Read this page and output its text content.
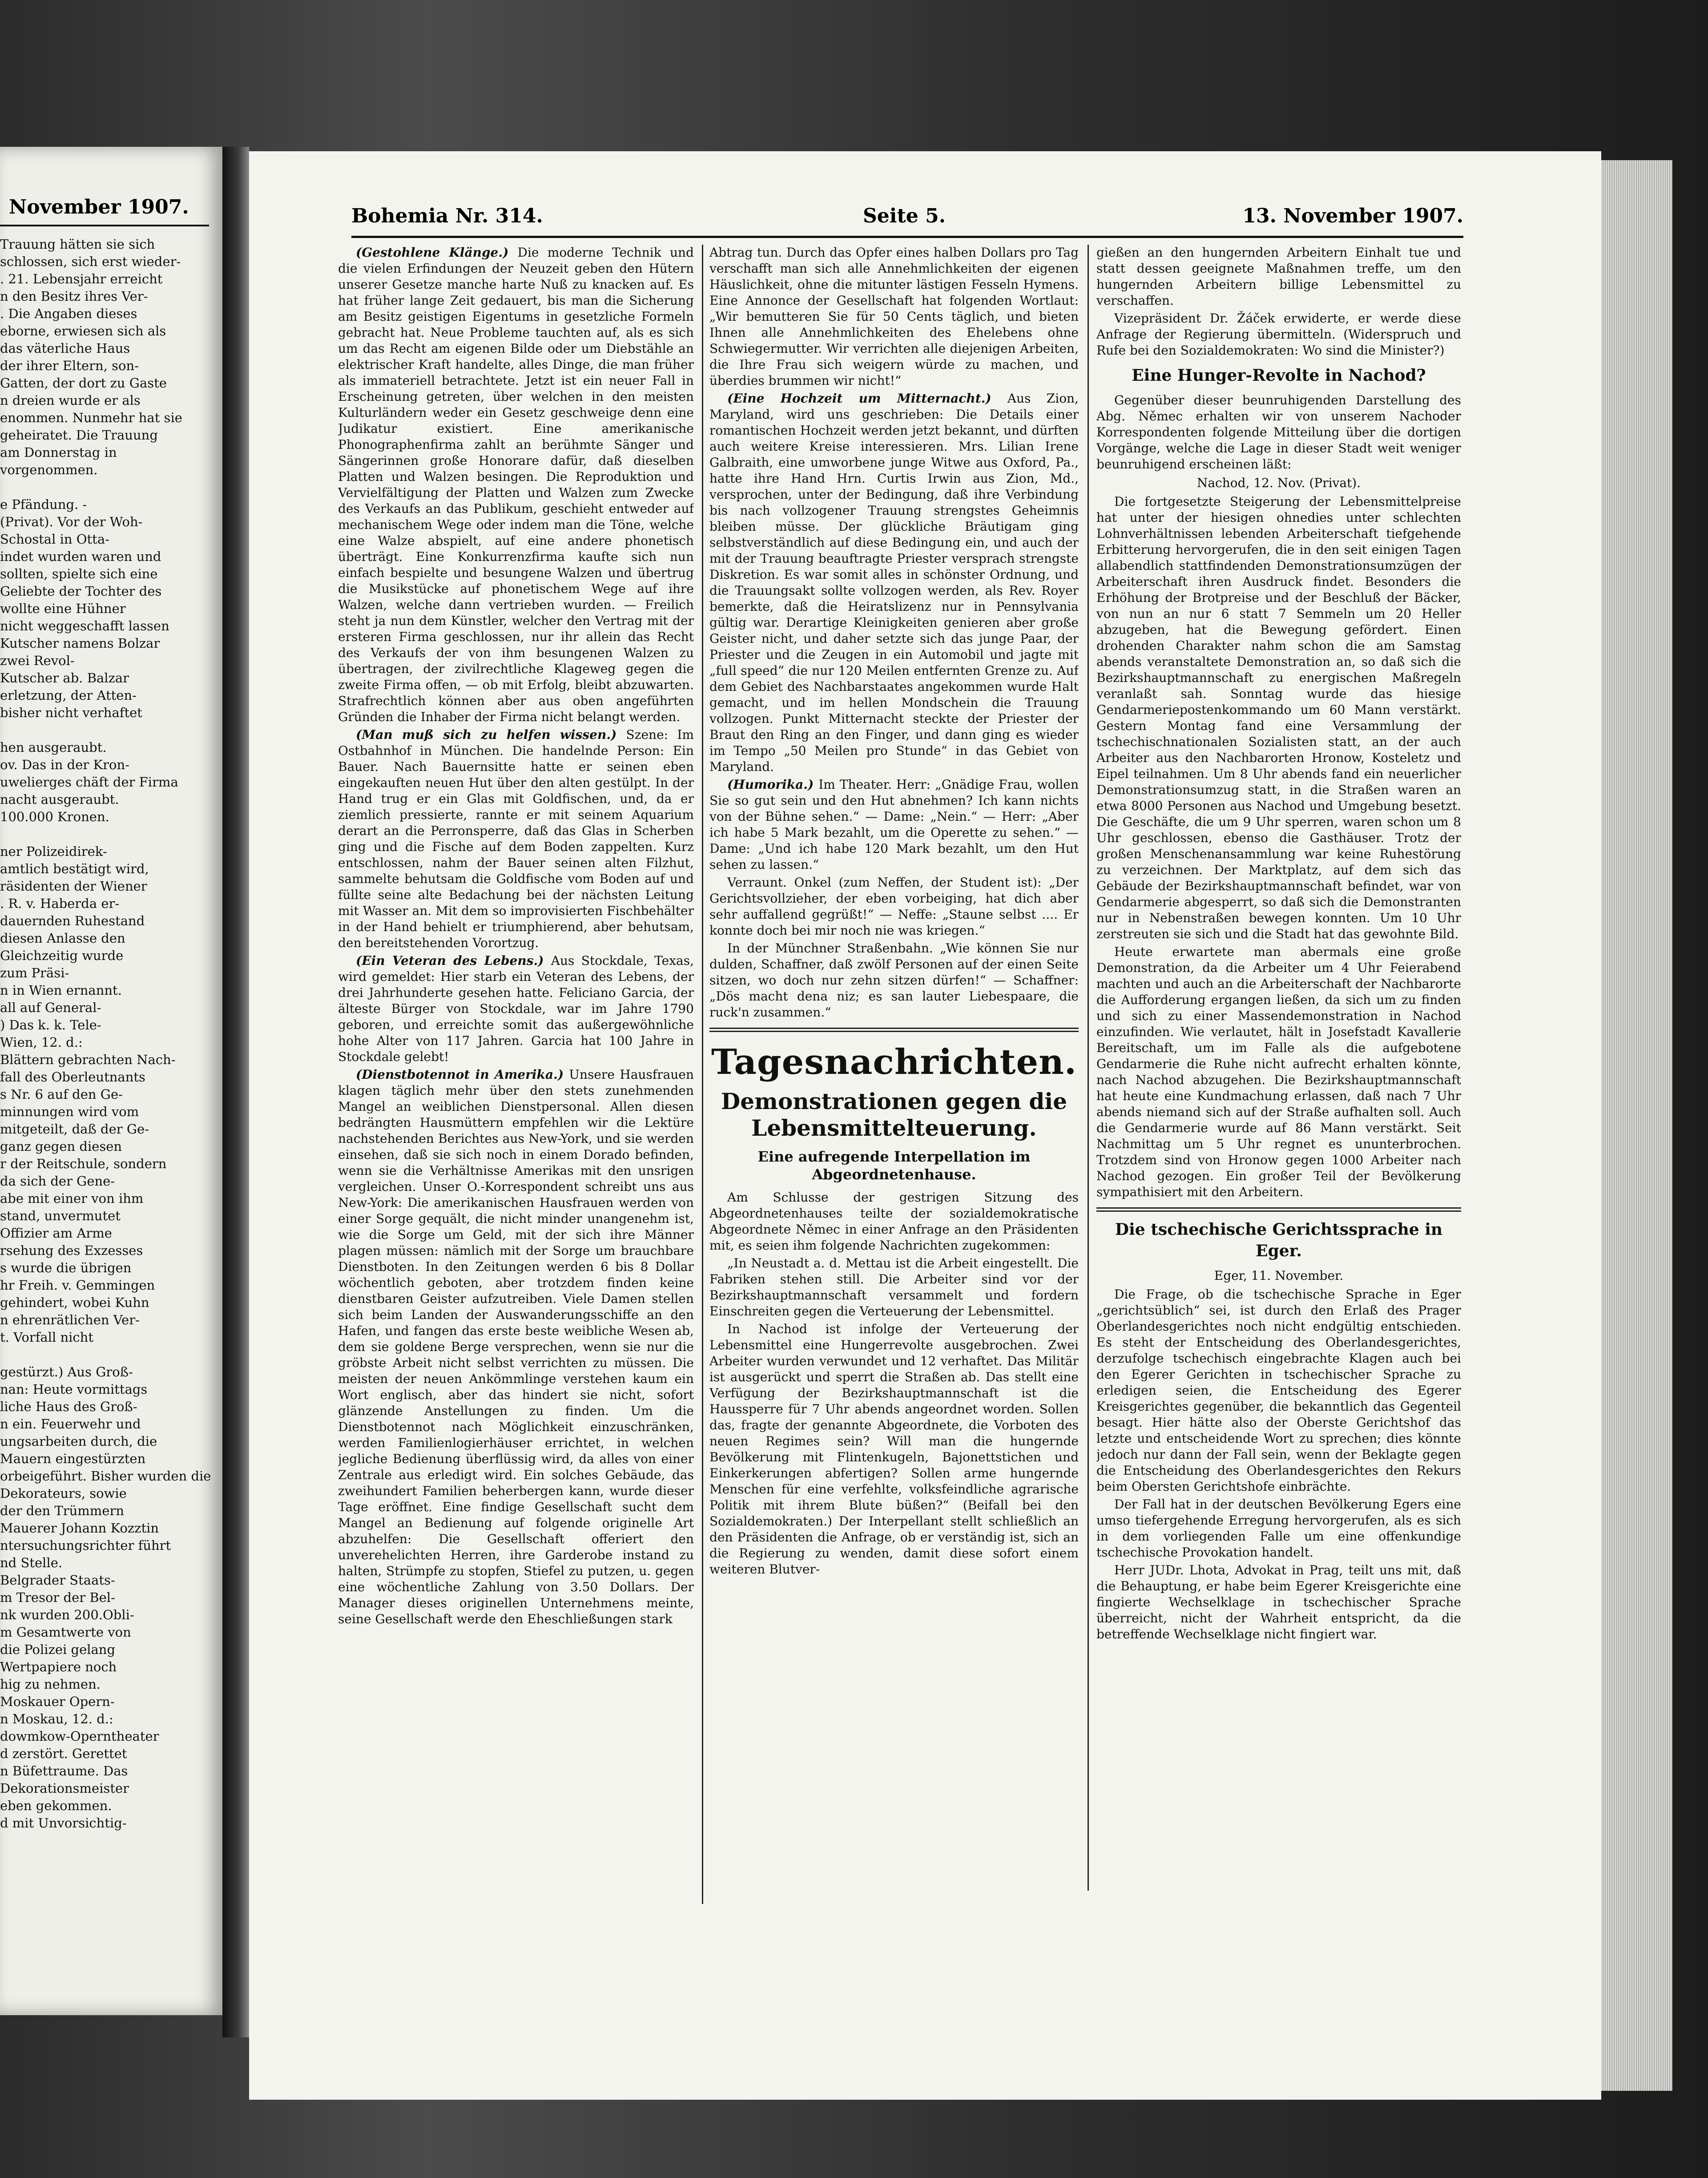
November 1907.
Trauung hätten sie sich
schlossen, sich erst wieder-
. 21. Lebensjahr erreicht
n den Besitz ihres Ver-
. Die Angaben dieses
eborne, erwiesen sich als
das väterliche Haus
der ihrer Eltern, son-
Gatten, der dort zu Gaste
n dreien wurde er als
enommen. Nunmehr hat sie
geheiratet. Die Trauung
am Donnerstag in
vorgenommen.

e Pfändung. -
(Privat). Vor der Woh-
Schostal in Otta-
indet wurden waren und
sollten, spielte sich eine
Geliebte der Tochter des
wollte eine Hühner
nicht weggeschafft lassen
Kutscher namens Bolzar
zwei Revol-
Kutscher ab. Balzar
erletzung, der Atten-
bisher nicht verhaftet

hen ausgeraubt.
ov. Das in der Kron-
uwelierges chäft der Firma
nacht ausgeraubt.
100.000 Kronen.

ner Polizeidirek-
amtlich bestätigt wird,
räsidenten der Wiener
. R. v. Haberda er-
dauernden Ruhestand
diesen Anlasse den
Gleichzeitig wurde
zum Präsi-
n in Wien ernannt.
all auf General-
) Das k. k. Tele-
Wien, 12. d.:
Blättern gebrachten Nach-
fall des Oberleutnants
s Nr. 6 auf den Ge-
minnungen wird vom
mitgeteilt, daß der Ge-
ganz gegen diesen
r der Reitschule, sondern
da sich der Gene-
abe mit einer von ihm
stand, unvermutet
Offizier am Arme
rsehung des Exzesses
s wurde die übrigen
hr Freih. v. Gemmingen
gehindert, wobei Kuhn
n ehrenrätlichen Ver-
t. Vorfall nicht

gestürzt.) Aus Groß-
nan: Heute vormittags
liche Haus des Groß-
n ein. Feuerwehr und
ungsarbeiten durch, die
Mauern eingestürzten
orbeigeführt. Bisher wurden die
Dekorateurs, sowie
der den Trümmern
Mauerer Johann Kozztin
ntersuchungsrichter führt
nd Stelle.
Belgrader Staats-
m Tresor der Bel-
nk wurden 200.Obli-
m Gesamtwerte von
die Polizei gelang
Wertpapiere noch
hig zu nehmen.
Moskauer Opern-
n Moskau, 12. d.:
dowmkow-Operntheater
d zerstört. Gerettet
n Büfettraume. Das
Dekorationsmeister
eben gekommen.
d mit Unvorsichtig-
Bohemia Nr. 314.	Seite 5.	13. November 1907.

(Gestohlene Klänge.) Die moderne Technik und die vielen Erfindungen der Neuzeit geben den Hütern unserer Gesetze manche harte Nuß zu knacken auf. Es hat früher lange Zeit gedauert, bis man die Sicherung am Besitz geistigen Eigentums in gesetzliche Formeln gebracht hat. Neue Probleme tauchten auf, als es sich um das Recht am eigenen Bilde oder um Diebstähle an elektrischer Kraft handelte, alles Dinge, die man früher als immateriell betrachtete. Jetzt ist ein neuer Fall in Erscheinung getreten, über welchen in den meisten Kulturländern weder ein Gesetz geschweige denn eine Judikatur existiert. Eine amerikanische Phonographenfirma zahlt an berühmte Sänger und Sängerinnen große Honorare dafür, daß dieselben Platten und Walzen besingen. Die Reproduktion und Vervielfältigung der Platten und Walzen zum Zwecke des Verkaufs an das Publikum, geschieht entweder auf mechanischem Wege oder indem man die Töne, welche eine Walze abspielt, auf eine andere phonetisch überträgt. Eine Konkurrenzfirma kaufte sich nun einfach bespielte und besungene Walzen und übertrug die Musikstücke auf phonetischem Wege auf ihre Walzen, welche dann vertrieben wurden. — Freilich steht ja nun dem Künstler, welcher den Vertrag mit der ersteren Firma geschlossen, nur ihr allein das Recht des Verkaufs der von ihm besungenen Walzen zu übertragen, der zivilrechtliche Klageweg gegen die zweite Firma offen, — ob mit Erfolg, bleibt abzuwarten. Strafrechtlich können aber aus oben angeführten Gründen die Inhaber der Firma nicht belangt werden.

(Man muß sich zu helfen wissen.) Szene: Im Ostbahnhof in München. Die handelnde Person: Ein Bauer. Nach Bauernsitte hatte er seinen eben eingekauften neuen Hut über den alten gestülpt. In der Hand trug er ein Glas mit Goldfischen, und, da er ziemlich pressierte, rannte er mit seinem Aquarium derart an die Perronsperre, daß das Glas in Scherben ging und die Fische auf dem Boden zappelten. Kurz entschlossen, nahm der Bauer seinen alten Filzhut, sammelte behutsam die Goldfische vom Boden auf und füllte seine alte Bedachung bei der nächsten Leitung mit Wasser an. Mit dem so improvisierten Fischbehälter in der Hand behielt er triumphierend, aber behutsam, den bereitstehenden Vorortzug.

(Ein Veteran des Lebens.) Aus Stockdale, Texas, wird gemeldet: Hier starb ein Veteran des Lebens, der drei Jahrhunderte gesehen hatte. Feliciano Garcia, der älteste Bürger von Stockdale, war im Jahre 1790 geboren, und erreichte somit das außergewöhnliche hohe Alter von 117 Jahren. Garcia hat 100 Jahre in Stockdale gelebt!

(Dienstbotennot in Amerika.) Unsere Hausfrauen klagen täglich mehr über den stets zunehmenden Mangel an weiblichen Dienstpersonal. Allen diesen bedrängten Hausmüttern empfehlen wir die Lektüre nachstehenden Berichtes aus New-York, und sie werden einsehen, daß sie sich noch in einem Dorado befinden, wenn sie die Verhältnisse Amerikas mit den unsrigen vergleichen. Unser O.-Korrespondent schreibt uns aus New-York: Die amerikanischen Hausfrauen werden von einer Sorge gequält, die nicht minder unangenehm ist, wie die Sorge um Geld, mit der sich ihre Männer plagen müssen: nämlich mit der Sorge um brauchbare Dienstboten. In den Zeitungen werden 6 bis 8 Dollar wöchentlich geboten, aber trotzdem finden keine dienstbaren Geister aufzutreiben. Viele Damen stellen sich beim Landen der Auswanderungsschiffe an den Hafen, und fangen das erste beste weibliche Wesen ab, dem sie goldene Berge versprechen, wenn sie nur die gröbste Arbeit nicht selbst verrichten zu müssen. Die meisten der neuen Ankömmlinge verstehen kaum ein Wort englisch, aber das hindert sie nicht, sofort glänzende Anstellungen zu finden. Um die Dienstbotennot nach Möglichkeit einzuschränken, werden Familienlogierhäuser errichtet, in welchen jegliche Bedienung überflüssig wird, da alles von einer Zentrale aus erledigt wird. Ein solches Gebäude, das zweihundert Familien beherbergen kann, wurde dieser Tage eröffnet. Eine findige Gesellschaft sucht dem Mangel an Bedienung auf folgende originelle Art abzuhelfen: Die Gesellschaft offeriert den unverehelichten Herren, ihre Garderobe instand zu halten, Strümpfe zu stopfen, Stiefel zu putzen, u. gegen eine wöchentliche Zahlung von 3.50 Dollars. Der Manager dieses originellen Unternehmens meinte, seine Gesellschaft werde den Eheschließungen stark

Abtrag tun. Durch das Opfer eines halben Dollars pro Tag verschafft man sich alle Annehmlichkeiten der eigenen Häuslichkeit, ohne die mitunter lästigen Fesseln Hymens. Eine Annonce der Gesellschaft hat folgenden Wortlaut: „Wir bemutteren Sie für 50 Cents täglich, und bieten Ihnen alle Annehmlichkeiten des Ehelebens ohne Schwiegermutter. Wir verrichten alle diejenigen Arbeiten, die Ihre Frau sich weigern würde zu machen, und überdies brummen wir nicht!“

(Eine Hochzeit um Mitternacht.) Aus Zion, Maryland, wird uns geschrieben: Die Details einer romantischen Hochzeit werden jetzt bekannt, und dürften auch weitere Kreise interessieren. Mrs. Lilian Irene Galbraith, eine umworbene junge Witwe aus Oxford, Pa., hatte ihre Hand Hrn. Curtis Irwin aus Zion, Md., versprochen, unter der Bedingung, daß ihre Verbindung bis nach vollzogener Trauung strengstes Geheimnis bleiben müsse. Der glückliche Bräutigam ging selbstverständlich auf diese Bedingung ein, und auch der mit der Trauung beauftragte Priester versprach strengste Diskretion. Es war somit alles in schönster Ordnung, und die Trauungsakt sollte vollzogen werden, als Rev. Royer bemerkte, daß die Heiratslizenz nur in Pennsylvania gültig war. Derartige Kleinigkeiten genieren aber große Geister nicht, und daher setzte sich das junge Paar, der Priester und die Zeugen in ein Automobil und jagte mit „full speed“ die nur 120 Meilen entfernten Grenze zu. Auf dem Gebiet des Nachbarstaates angekommen wurde Halt gemacht, und im hellen Mondschein die Trauung vollzogen. Punkt Mitternacht steckte der Priester der Braut den Ring an den Finger, und dann ging es wieder im Tempo „50 Meilen pro Stunde“ in das Gebiet von Maryland.

(Humorika.) Im Theater. Herr: „Gnädige Frau, wollen Sie so gut sein und den Hut abnehmen? Ich kann nichts von der Bühne sehen.“ — Dame: „Nein.“ — Herr: „Aber ich habe 5 Mark bezahlt, um die Operette zu sehen.“ — Dame: „Und ich habe 120 Mark bezahlt, um den Hut sehen zu lassen.“

Verraunt. Onkel (zum Neffen, der Student ist): „Der Gerichtsvollzieher, der eben vorbeiging, hat dich aber sehr auffallend gegrüßt!“ — Neffe: „Staune selbst .... Er konnte doch bei mir noch nie was kriegen.“

In der Münchner Straßenbahn. „Wie können Sie nur dulden, Schaffner, daß zwölf Personen auf der einen Seite sitzen, wo doch nur zehn sitzen dürfen!“ — Schaffner: „Dös macht dena niz; es san lauter Liebespaare, die ruck'n zusammen.“

Tagesnachrichten.
Demonstrationen gegen die Lebensmittelteuerung.
Eine aufregende Interpellation im Abgeordnetenhause.

Am Schlusse der gestrigen Sitzung des Abgeordnetenhauses teilte der sozialdemokratische Abgeordnete Němec in einer Anfrage an den Präsidenten mit, es seien ihm folgende Nachrichten zugekommen:

„In Neustadt a. d. Mettau ist die Arbeit eingestellt. Die Fabriken stehen still. Die Arbeiter sind vor der Bezirkshauptmannschaft versammelt und fordern Einschreiten gegen die Verteuerung der Lebensmittel.

In Nachod ist infolge der Verteuerung der Lebensmittel eine Hungerrevolte ausgebrochen. Zwei Arbeiter wurden verwundet und 12 verhaftet. Das Militär ist ausgerückt und sperrt die Straßen ab. Das stellt eine Verfügung der Bezirkshauptmannschaft ist die Haussperre für 7 Uhr abends angeordnet worden. Sollen das, fragte der genannte Abgeordnete, die Vorboten des neuen Regimes sein? Will man die hungernde Bevölkerung mit Flintenkugeln, Bajonettstichen und Einkerkerungen abfertigen? Sollen arme hungernde Menschen für eine verfehlte, volksfeindliche agrarische Politik mit ihrem Blute büßen?“ (Beifall bei den Sozialdemokraten.) Der Interpellant stellt schließlich an den Präsidenten die Anfrage, ob er verständig ist, sich an die Regierung zu wenden, damit diese sofort einem weiteren Blutver-

gießen an den hungernden Arbeitern Einhalt tue und statt dessen geeignete Maßnahmen treffe, um den hungernden Arbeitern billige Lebensmittel zu verschaffen.

Vizepräsident Dr. Žáček erwiderte, er werde diese Anfrage der Regierung übermitteln. (Widerspruch und Rufe bei den Sozialdemokraten: Wo sind die Minister?)

Eine Hunger-Revolte in Nachod?

Gegenüber dieser beunruhigenden Darstellung des Abg. Němec erhalten wir von unserem Nachoder Korrespondenten folgende Mitteilung über die dortigen Vorgänge, welche die Lage in dieser Stadt weit weniger beunruhigend erscheinen läßt:

Nachod, 12. Nov. (Privat).

Die fortgesetzte Steigerung der Lebensmittelpreise hat unter der hiesigen ohnedies unter schlechten Lohnverhältnissen lebenden Arbeiterschaft tiefgehende Erbitterung hervorgerufen, die in den seit einigen Tagen allabendlich stattfindenden Demonstrationsumzügen der Arbeiterschaft ihren Ausdruck findet. Besonders die Erhöhung der Brotpreise und der Beschluß der Bäcker, von nun an nur 6 statt 7 Semmeln um 20 Heller abzugeben, hat die Bewegung gefördert. Einen drohenden Charakter nahm schon die am Samstag abends veranstaltete Demonstration an, so daß sich die Bezirkshauptmannschaft zu energischen Maßregeln veranlaßt sah. Sonntag wurde das hiesige Gendarmeriepostenkommando um 60 Mann verstärkt. Gestern Montag fand eine Versammlung der tschechischnationalen Sozialisten statt, an der auch Arbeiter aus den Nachbarorten Hronow, Kosteletz und Eipel teilnahmen. Um 8 Uhr abends fand ein neuerlicher Demonstrationsumzug statt, in die Straßen waren an etwa 8000 Personen aus Nachod und Umgebung besetzt. Die Geschäfte, die um 9 Uhr sperren, waren schon um 8 Uhr geschlossen, ebenso die Gasthäuser. Trotz der großen Menschenansammlung war keine Ruhestörung zu verzeichnen. Der Marktplatz, auf dem sich das Gebäude der Bezirkshauptmannschaft befindet, war von Gendarmerie abgesperrt, so daß sich die Demonstranten nur in Nebenstraßen bewegen konnten. Um 10 Uhr zerstreuten sie sich und die Stadt hat das gewohnte Bild.

Heute erwartete man abermals eine große Demonstration, da die Arbeiter um 4 Uhr Feierabend machten und auch an die Arbeiterschaft der Nachbarorte die Aufforderung ergangen ließen, da sich um zu finden und sich zu einer Massendemonstration in Nachod einzufinden. Wie verlautet, hält in Josefstadt Kavallerie Bereitschaft, um im Falle als die aufgebotene Gendarmerie die Ruhe nicht aufrecht erhalten könnte, nach Nachod abzugehen. Die Bezirkshauptmannschaft hat heute eine Kundmachung erlassen, daß nach 7 Uhr abends niemand sich auf der Straße aufhalten soll. Auch die Gendarmerie wurde auf 86 Mann verstärkt. Seit Nachmittag um 5 Uhr regnet es ununterbrochen. Trotzdem sind von Hronow gegen 1000 Arbeiter nach Nachod gezogen. Ein großer Teil der Bevölkerung sympathisiert mit den Arbeitern.

Die tschechische Gerichtssprache in Eger.
Eger, 11. November.

Die Frage, ob die tschechische Sprache in Eger „gerichtsüblich“ sei, ist durch den Erlaß des Prager Oberlandesgerichtes noch nicht endgültig entschieden. Es steht der Entscheidung des Oberlandesgerichtes, derzufolge tschechisch eingebrachte Klagen auch bei den Egerer Gerichten in tschechischer Sprache zu erledigen seien, die Entscheidung des Egerer Kreisgerichtes gegenüber, die bekanntlich das Gegenteil besagt. Hier hätte also der Oberste Gerichtshof das letzte und entscheidende Wort zu sprechen; dies könnte jedoch nur dann der Fall sein, wenn der Beklagte gegen die Entscheidung des Oberlandesgerichtes den Rekurs beim Obersten Gerichtshofe einbrächte.

Der Fall hat in der deutschen Bevölkerung Egers eine umso tiefergehende Erregung hervorgerufen, als es sich in dem vorliegenden Falle um eine offenkundige tschechische Provokation handelt.

Herr JUDr. Lhota, Advokat in Prag, teilt uns mit, daß die Behauptung, er habe beim Egerer Kreisgerichte eine fingierte Wechselklage in tschechischer Sprache überreicht, nicht der Wahrheit entspricht, da die betreffende Wechselklage nicht fingiert war.
